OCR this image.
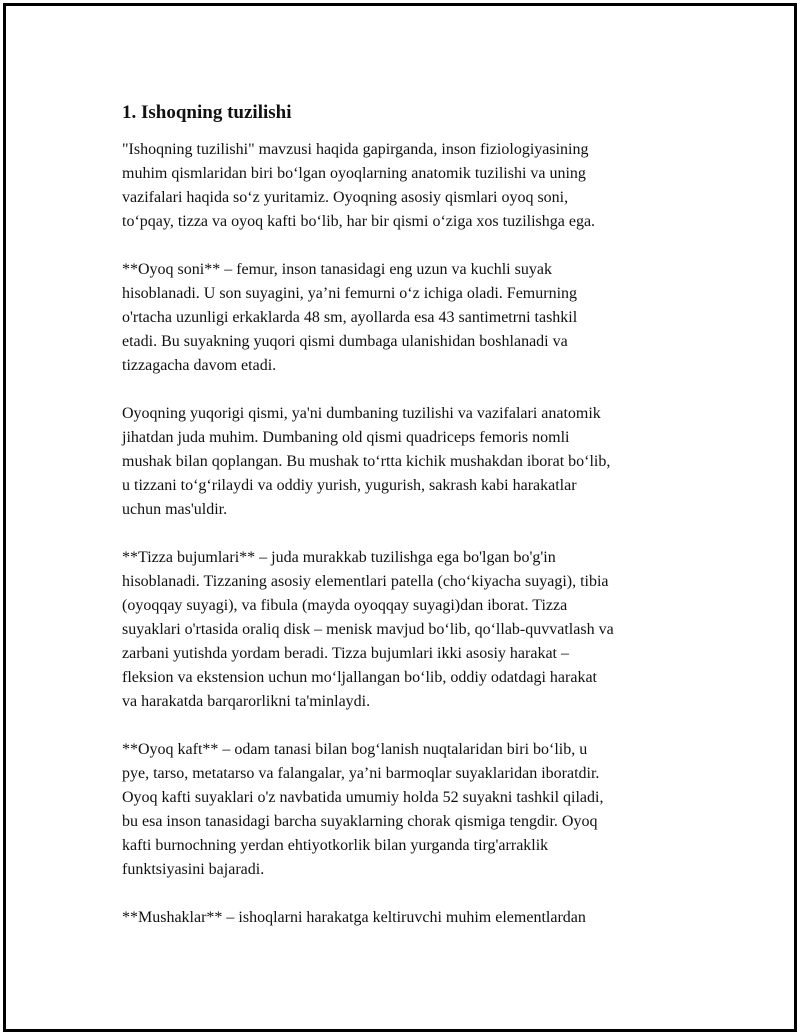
1. Ishoqning tuzilishi

"Ishoqning tuzilishi" mavzusi haqida gapirganda, inson fiziologiyasining
muhim qismlaridan biri bo‘lgan oyoqlarning anatomik tuzilishi va uning
vazifalari haqida so‘z yuritamiz. Oyoqning asosiy qismlari oyoq soni,
to‘pqay, tizza va oyoq kafti bo‘lib, har bir qismi o‘ziga xos tuzilishga ega.

**Oyoq soni** – femur, inson tanasidagi eng uzun va kuchli suyak
hisoblanadi. U son suyagini, ya’ni femurni o‘z ichiga oladi. Femurning
o'rtacha uzunligi erkaklarda 48 sm, ayollarda esa 43 santimetrni tashkil
etadi. Bu suyakning yuqori qismi dumbaga ulanishidan boshlanadi va
tizzagacha davom etadi.

Oyoqning yuqorigi qismi, ya'ni dumbaning tuzilishi va vazifalari anatomik
jihatdan juda muhim. Dumbaning old qismi quadriceps femoris nomli
mushak bilan qoplangan. Bu mushak to‘rtta kichik mushakdan iborat bo‘lib,
u tizzani to‘g‘rilaydi va oddiy yurish, yugurish, sakrash kabi harakatlar
uchun mas'uldir.

**Tizza bujumlari** – juda murakkab tuzilishga ega bo'lgan bo'g'in
hisoblanadi. Tizzaning asosiy elementlari patella (cho‘kiyacha suyagi), tibia
(oyoqqay suyagi), va fibula (mayda oyoqqay suyagi)dan iborat. Tizza
suyaklari o'rtasida oraliq disk – menisk mavjud bo‘lib, qo‘llab-quvvatlash va
zarbani yutishda yordam beradi. Tizza bujumlari ikki asosiy harakat –
fleksion va ekstension uchun mo‘ljallangan bo‘lib, oddiy odatdagi harakat
va harakatda barqarorlikni ta'minlaydi.

**Oyoq kaft** – odam tanasi bilan bog‘lanish nuqtalaridan biri bo‘lib, u
pye, tarso, metatarso va falangalar, ya’ni barmoqlar suyaklaridan iboratdir.
Oyoq kafti suyaklari o'z navbatida umumiy holda 52 suyakni tashkil qiladi,
bu esa inson tanasidagi barcha suyaklarning chorak qismiga tengdir. Oyoq
kafti burnochning yerdan ehtiyotkorlik bilan yurganda tirg'arraklik
funktsiyasini bajaradi.

**Mushaklar** – ishoqlarni harakatga keltiruvchi muhim elementlardan
